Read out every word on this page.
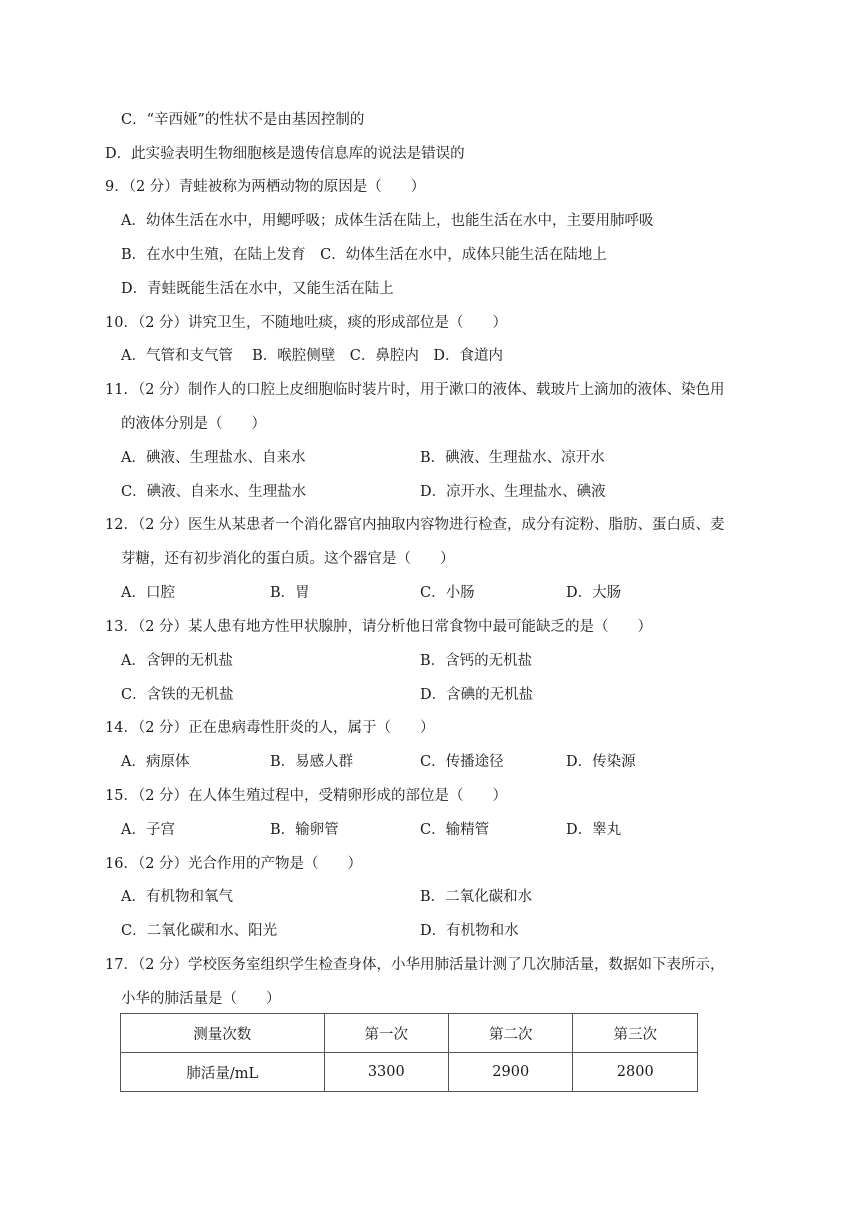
C．“辛西娅”的性状不是由基因控制的
D．此实验表明生物细胞核是遗传信息库的说法是错误的
9．（2 分）青蛙被称为两栖动物的原因是（　　）
A．幼体生活在水中，用鳃呼吸；成体生活在陆上，也能生活在水中，主要用肺呼吸
B．在水中生殖，在陆上发育　C．幼体生活在水中，成体只能生活在陆地上
D．青蛙既能生活在水中，又能生活在陆上
10．（2 分）讲究卫生，不随地吐痰，痰的形成部位是（　　）
A．气管和支气管　 B．喉腔侧壁　C．鼻腔内　D．食道内
11．（2 分）制作人的口腔上皮细胞临时装片时，用于漱口的液体、载玻片上滴加的液体、染色用
的液体分别是（　　）
A．碘液、生理盐水、自来水	B．碘液、生理盐水、凉开水
C．碘液、自来水、生理盐水	D．凉开水、生理盐水、碘液
12．（2 分）医生从某患者一个消化器官内抽取内容物进行检查，成分有淀粉、脂肪、蛋白质、麦
芽糖，还有初步消化的蛋白质。这个器官是（　　）
A．口腔	B．胃	C．小肠	D．大肠
13．（2 分）某人患有地方性甲状腺肿，请分析他日常食物中最可能缺乏的是（　　）
A．含钾的无机盐	B．含钙的无机盐
C．含铁的无机盐	D．含碘的无机盐
14．（2 分）正在患病毒性肝炎的人，属于（　　）
A．病原体	B．易感人群	C．传播途径	D．传染源
15．（2 分）在人体生殖过程中，受精卵形成的部位是（　　）
A．子宫	B．输卵管	C．输精管	D．睾丸
16．（2 分）光合作用的产物是（　　）
A．有机物和氧气	B．二氧化碳和水
C．二氧化碳和水、阳光	D．有机物和水
17．（2 分）学校医务室组织学生检查身体，小华用肺活量计测了几次肺活量，数据如下表所示，
小华的肺活量是（　　）
测量次数	第一次	第二次	第三次
肺活量/mL	3300	2900	2800
